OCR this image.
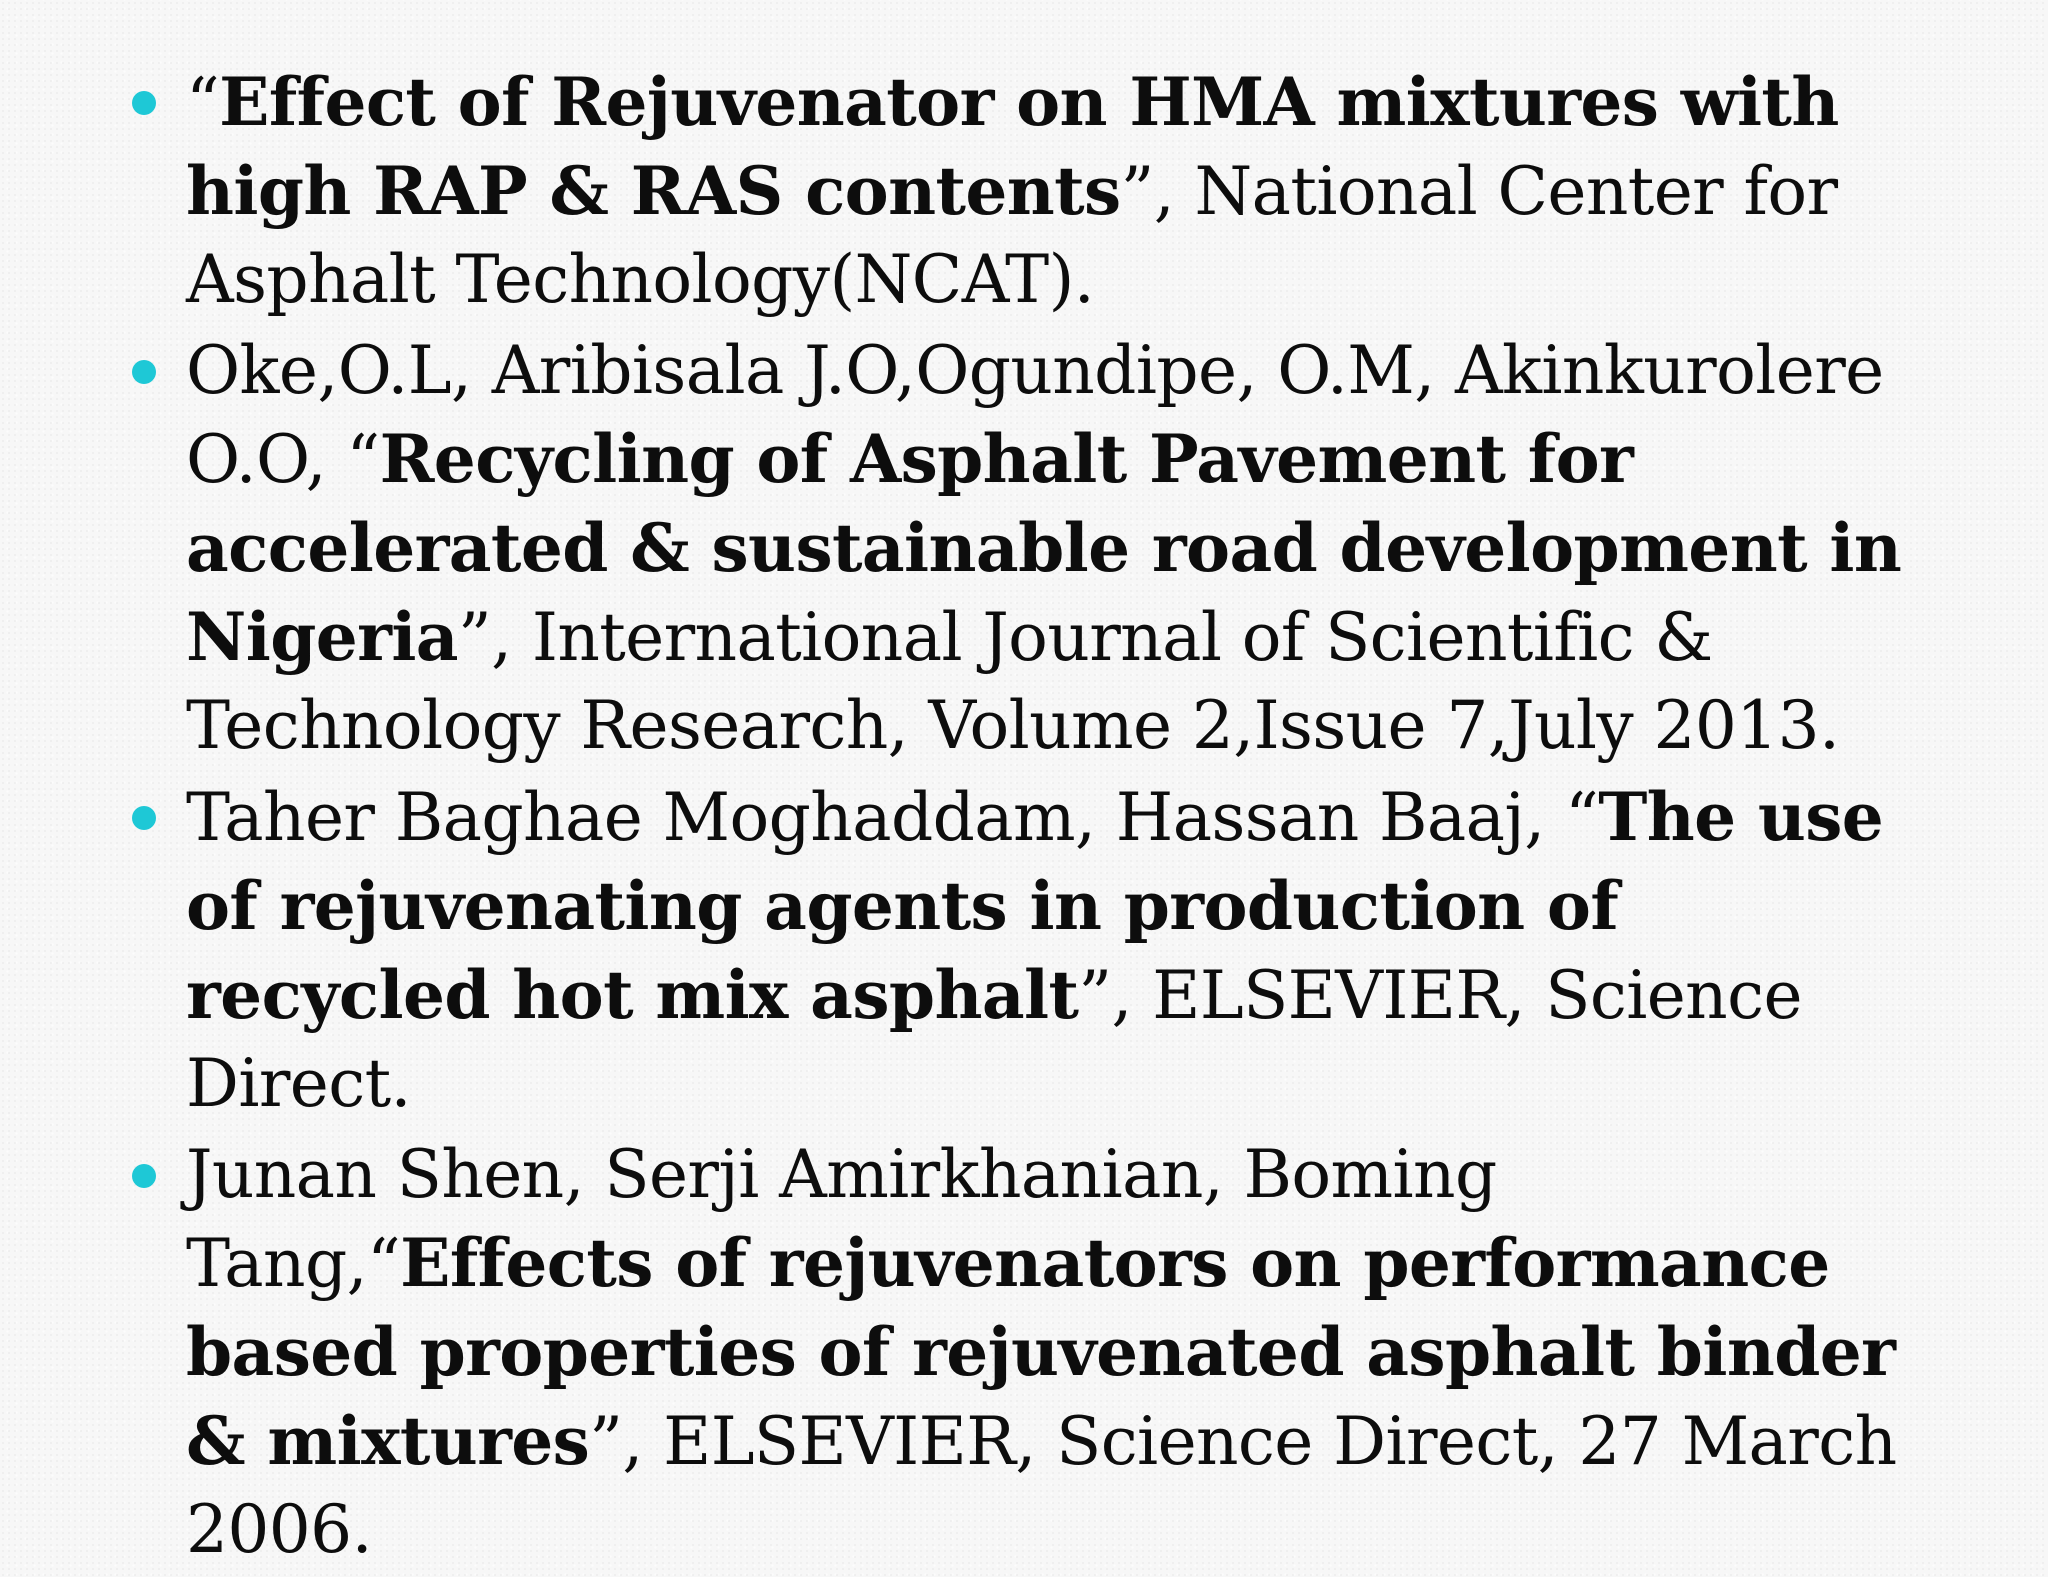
“Effect of Rejuvenator on HMA mixtures with high RAP & RAS contents”, National Center for Asphalt Technology(NCAT).
Oke,O.L, Aribisala J.O,Ogundipe, O.M, Akinkurolere O.O, “Recycling of Asphalt Pavement for accelerated & sustainable road development in Nigeria”, International Journal of Scientific & Technology Research, Volume 2,Issue 7,July 2013.
Taher Baghae Moghaddam, Hassan Baaj, “The use of rejuvenating agents in production of recycled hot mix asphalt”, ELSEVIER, Science Direct.
Junan Shen, Serji Amirkhanian, Boming Tang,“Effects of rejuvenators on performance based properties of rejuvenated asphalt binder & mixtures”, ELSEVIER, Science Direct, 27 March 2006.
